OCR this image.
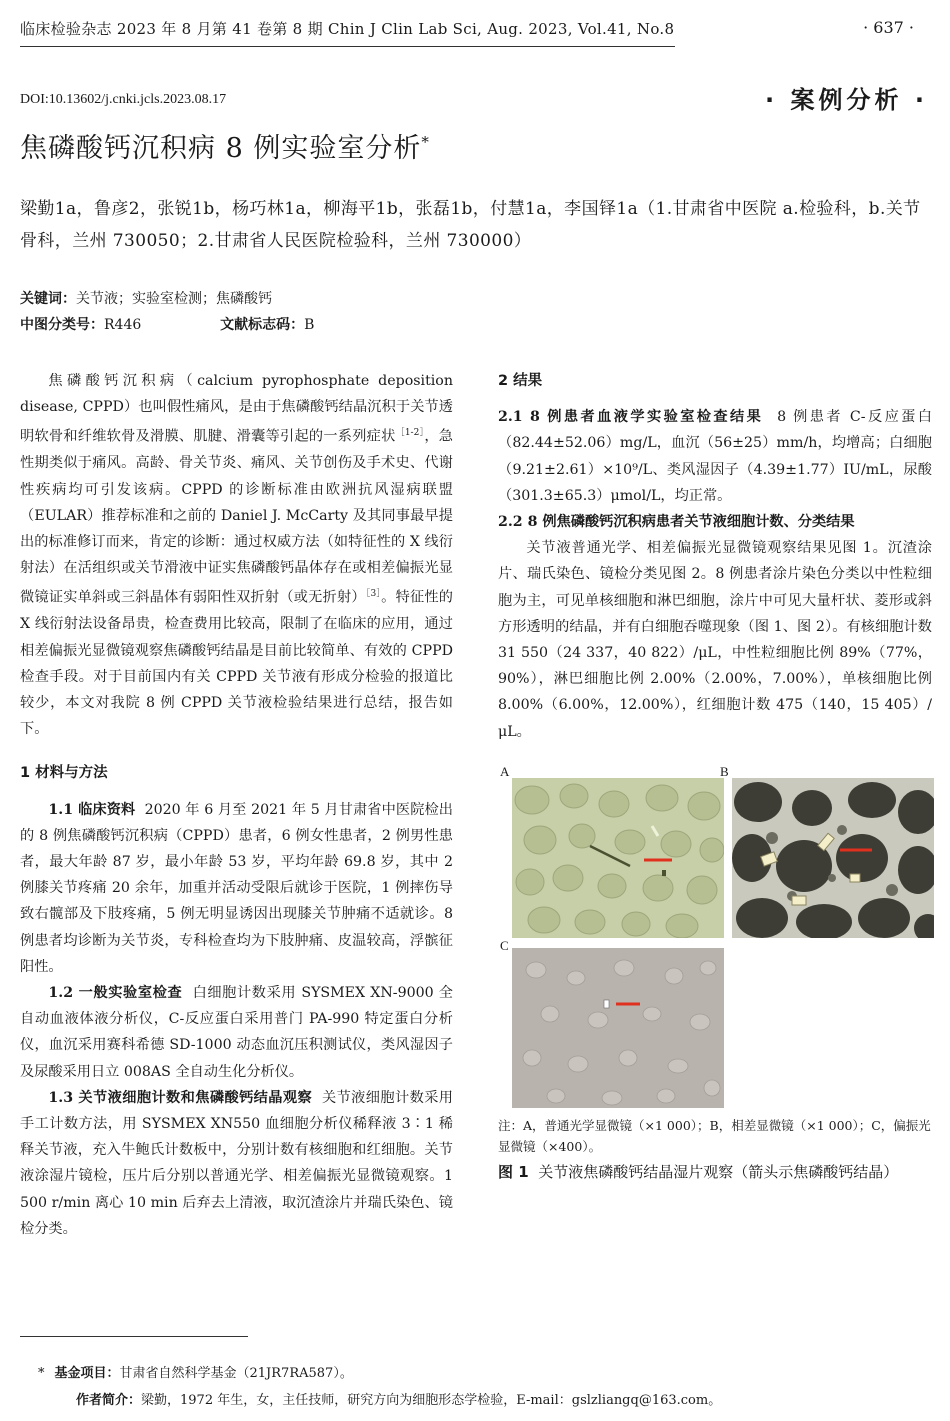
临床检验杂志 2023 年 8 月第 41 卷第 8 期 Chin J Clin Lab Sci, Aug. 2023, Vol.41, No.8	· 637 ·
DOI:10.13602/j.cnki.jcls.2023.08.17	· 案例分析 ·
焦磷酸钙沉积病 8 例实验室分析*
梁勤1a，鲁彦2，张锐1b，杨巧林1a，柳海平1b，张磊1b，付慧1a，李国铎1a（1.甘肃省中医院 a.检验科，b.关节骨科，兰州 730050；2.甘肃省人民医院检验科，兰州 730000）
关键词：关节液；实验室检测；焦磷酸钙
中图分类号：R446	文献标志码：B

焦磷酸钙沉积病（calcium pyrophosphate deposition disease, CPPD）也叫假性痛风，是由于焦磷酸钙结晶沉积于关节透明软骨和纤维软骨及滑膜、肌腱、滑囊等引起的一系列症状$^{[1-2]}$，急性期类似于痛风。高龄、骨关节炎、痛风、关节创伤及手术史、代谢性疾病均可引发该病。CPPD 的诊断标准由欧洲抗风湿病联盟（EULAR）推荐标准和之前的 Daniel J. McCarty 及其同事最早提出的标准修订而来，肯定的诊断：通过权威方法（如特征性的 X 线衍射法）在活组织或关节滑液中证实焦磷酸钙晶体存在或相差偏振光显微镜证实单斜或三斜晶体有弱阳性双折射（或无折射）$^{[3]}$。特征性的 X 线衍射法设备昂贵，检查费用比较高，限制了在临床的应用，通过相差偏振光显微镜观察焦磷酸钙结晶是目前比较简单、有效的 CPPD 检查手段。对于目前国内有关 CPPD 关节液有形成分检验的报道比较少，本文对我院 8 例 CPPD 关节液检验结果进行总结，报告如下。

1 材料与方法

1.1 临床资料 2020 年 6 月至 2021 年 5 月甘肃省中医院检出的 8 例焦磷酸钙沉积病（CPPD）患者，6 例女性患者，2 例男性患者，最大年龄 87 岁，最小年龄 53 岁，平均年龄 69.8 岁，其中 2 例膝关节疼痛 20 余年，加重并活动受限后就诊于医院，1 例摔伤导致右髋部及下肢疼痛，5 例无明显诱因出现膝关节肿痛不适就诊。8 例患者均诊断为关节炎，专科检查均为下肢肿痛、皮温较高，浮髌征阳性。

1.2 一般实验室检查 白细胞计数采用 SYSMEX XN-9000 全自动血液体液分析仪，C-反应蛋白采用普门 PA-990 特定蛋白分析仪，血沉采用赛科希德 SD-1000 动态血沉压积测试仪，类风湿因子及尿酸采用日立 008AS 全自动生化分析仪。

1.3 关节液细胞计数和焦磷酸钙结晶观察 关节液细胞计数采用手工计数方法，用 SYSMEX XN550 血细胞分析仪稀释液 3∶1 稀释关节液，充入牛鲍氏计数板中，分别计数有核细胞和红细胞。关节液涂湿片镜检，压片后分别以普通光学、相差偏振光显微镜观察。1 500 r/min 离心 10 min 后弃去上清液，取沉渣涂片并瑞氏染色、镜检分类。

2 结果

2.1 8 例患者血液学实验室检查结果 8 例患者 C-反应蛋白（82.44±52.06）mg/L，血沉（56±25）mm/h，均增高；白细胞（9.21±2.61）×10⁹/L、类风湿因子（4.39±1.77）IU/mL，尿酸（301.3±65.3）μmol/L，均正常。

2.2 8 例焦磷酸钙沉积病患者关节液细胞计数、分类结果

关节液普通光学、相差偏振光显微镜观察结果见图 1。沉渣涂片、瑞氏染色、镜检分类见图 2。8 例患者涂片染色分类以中性粒细胞为主，可见单核细胞和淋巴细胞，涂片中可见大量杆状、菱形或斜方形透明的结晶，并有白细胞吞噬现象（图 1、图 2）。有核细胞计数 31 550（24 337，40 822）/μL，中性粒细胞比例 89%（77%，90%），淋巴细胞比例 2.00%（2.00%，7.00%），单核细胞比例 8.00%（6.00%，12.00%），红细胞计数 475（140，15 405）/μL。

A	B
C
注：A，普通光学显微镜（×1 000）；B，相差显微镜（×1 000）；C，偏振光显微镜（×400）。
图 1 关节液焦磷酸钙结晶湿片观察（箭头示焦磷酸钙结晶）
* 基金项目：甘肃省自然科学基金（21JR7RA587）。
作者简介：梁勤，1972 年生，女，主任技师，研究方向为细胞形态学检验，E-mail：gslzliangq@163.com。
